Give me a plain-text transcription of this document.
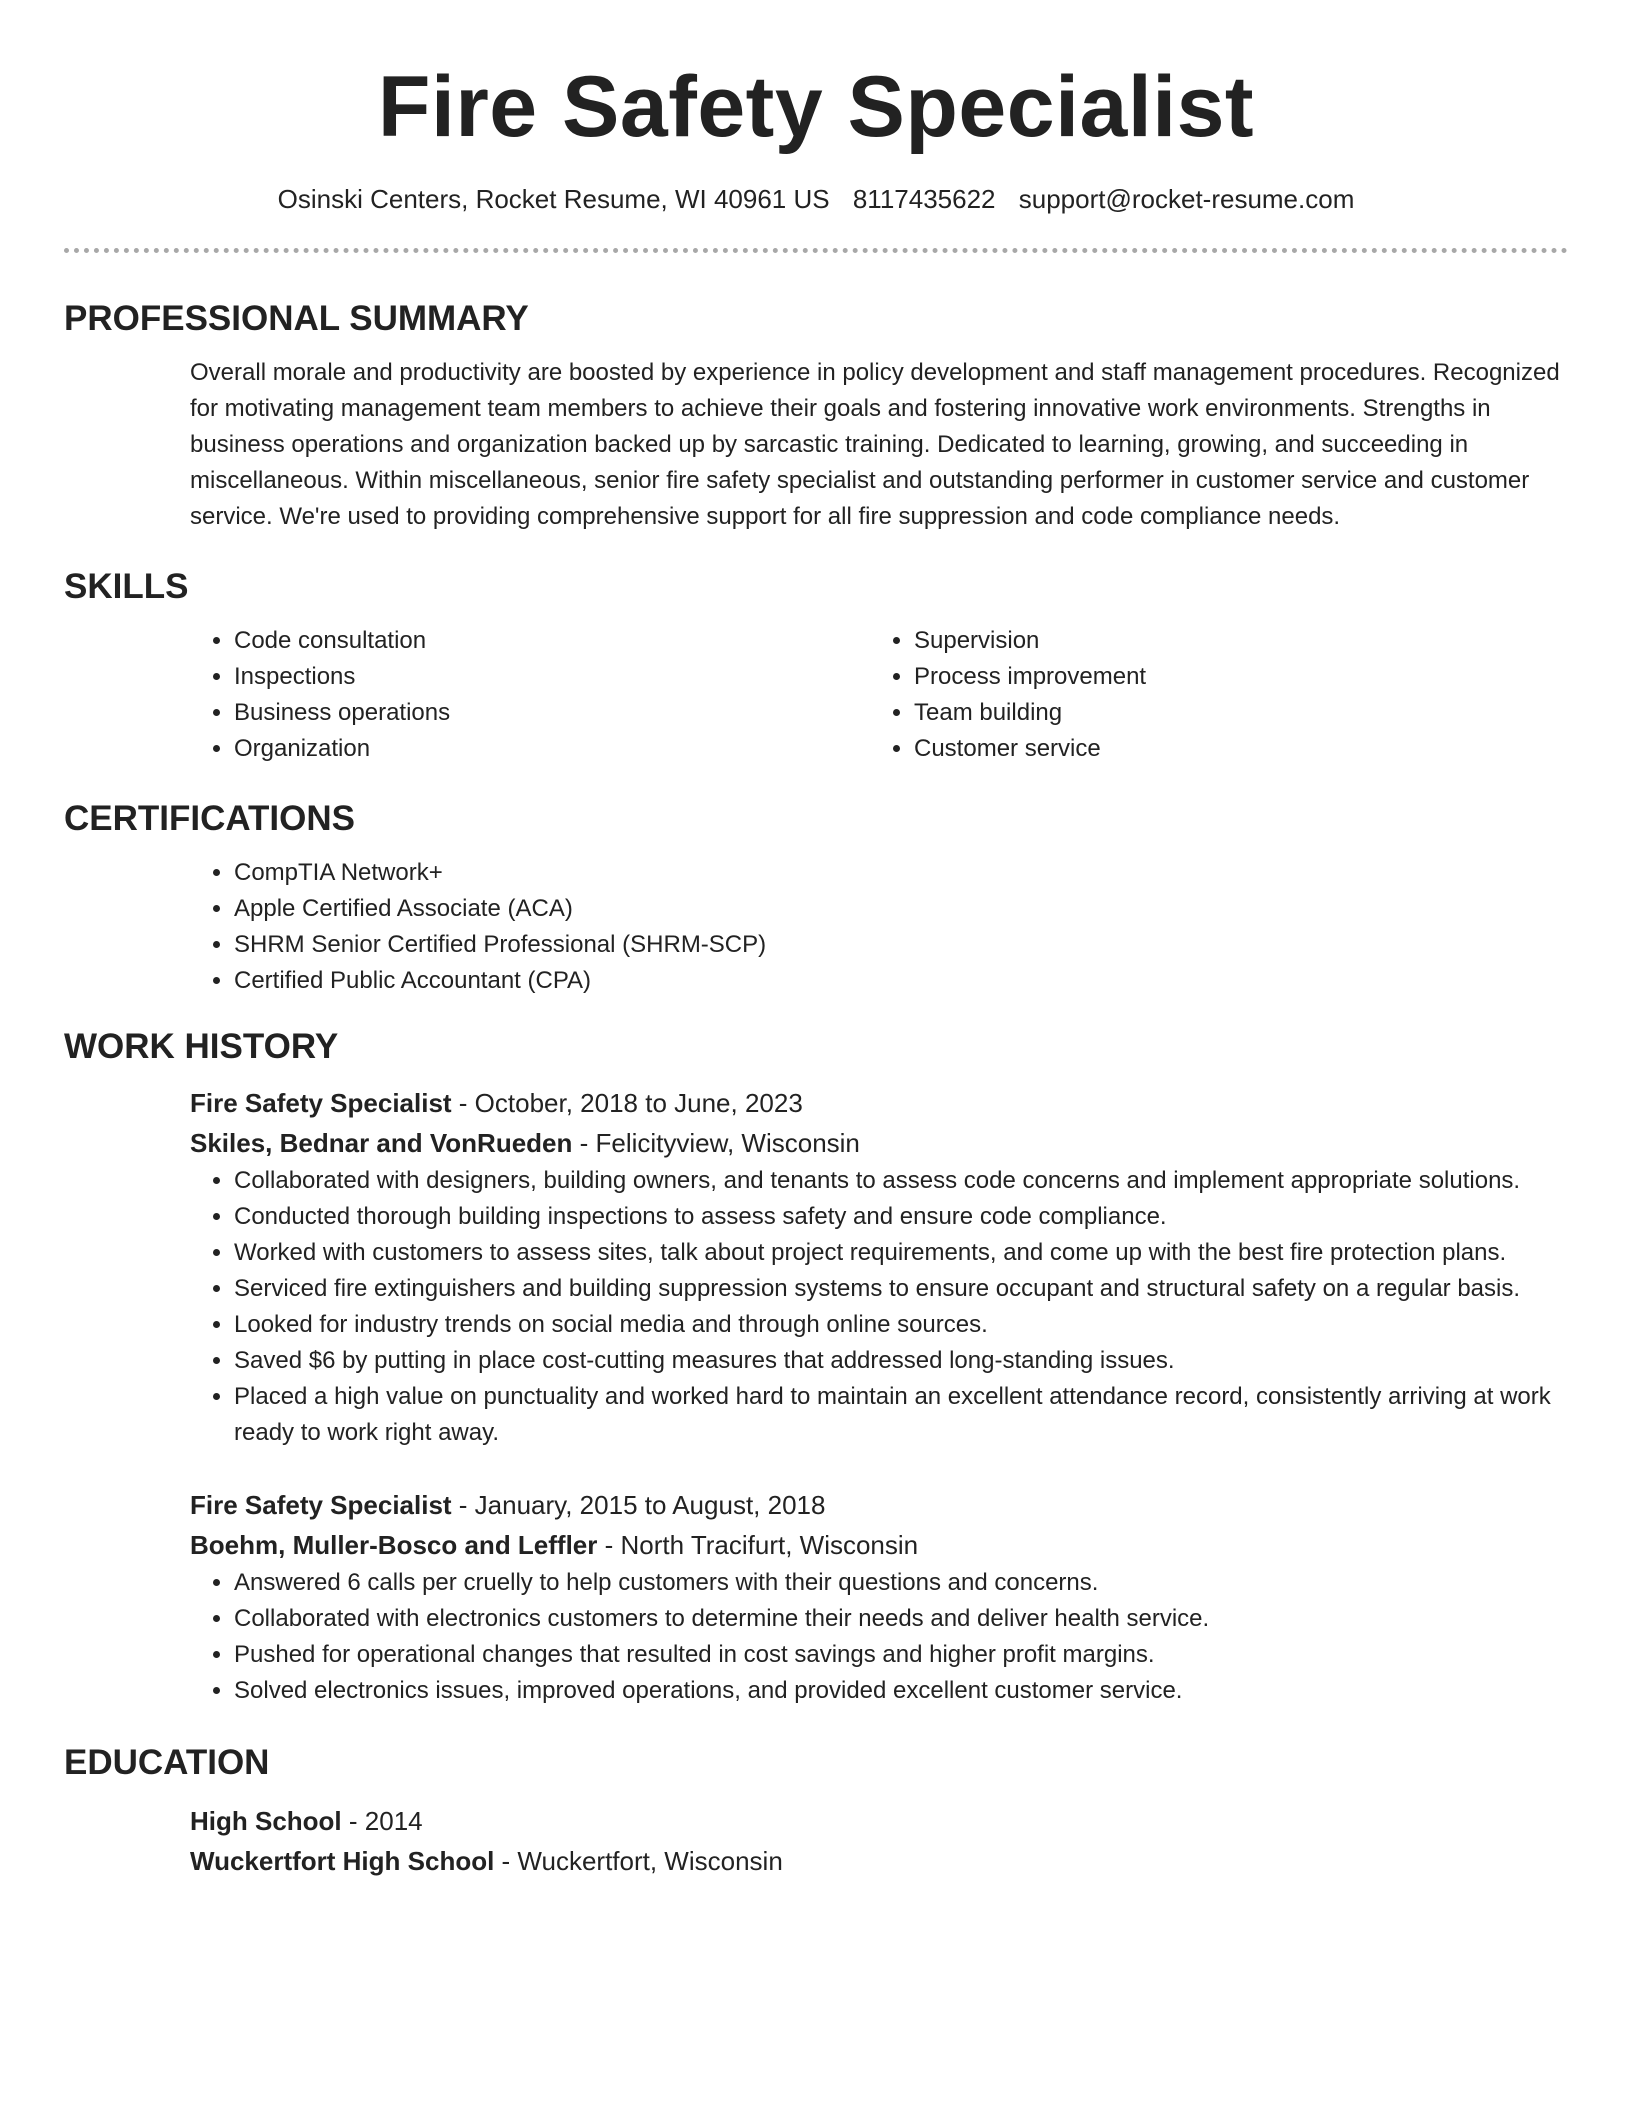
Fire Safety Specialist
Osinski Centers, Rocket Resume, WI 40961 US 8117435622 support@rocket-resume.com
PROFESSIONAL SUMMARY
Overall morale and productivity are boosted by experience in policy development and staff management procedures. Recognized for motivating management team members to achieve their goals and fostering innovative work environments. Strengths in business operations and organization backed up by sarcastic training. Dedicated to learning, growing, and succeeding in miscellaneous. Within miscellaneous, senior fire safety specialist and outstanding performer in customer service and customer service. We're used to providing comprehensive support for all fire suppression and code compliance needs.
SKILLS
• Code consultation
• Inspections
• Business operations
• Organization
• Supervision
• Process improvement
• Team building
• Customer service
CERTIFICATIONS
• CompTIA Network+
• Apple Certified Associate (ACA)
• SHRM Senior Certified Professional (SHRM-SCP)
• Certified Public Accountant (CPA)
WORK HISTORY
Fire Safety Specialist - October, 2018 to June, 2023
Skiles, Bednar and VonRueden - Felicityview, Wisconsin
• Collaborated with designers, building owners, and tenants to assess code concerns and implement appropriate solutions.
• Conducted thorough building inspections to assess safety and ensure code compliance.
• Worked with customers to assess sites, talk about project requirements, and come up with the best fire protection plans.
• Serviced fire extinguishers and building suppression systems to ensure occupant and structural safety on a regular basis.
• Looked for industry trends on social media and through online sources.
• Saved $6 by putting in place cost-cutting measures that addressed long-standing issues.
• Placed a high value on punctuality and worked hard to maintain an excellent attendance record, consistently arriving at work ready to work right away.
Fire Safety Specialist - January, 2015 to August, 2018
Boehm, Muller-Bosco and Leffler - North Tracifurt, Wisconsin
• Answered 6 calls per cruelly to help customers with their questions and concerns.
• Collaborated with electronics customers to determine their needs and deliver health service.
• Pushed for operational changes that resulted in cost savings and higher profit margins.
• Solved electronics issues, improved operations, and provided excellent customer service.
EDUCATION
High School - 2014
Wuckertfort High School - Wuckertfort, Wisconsin
